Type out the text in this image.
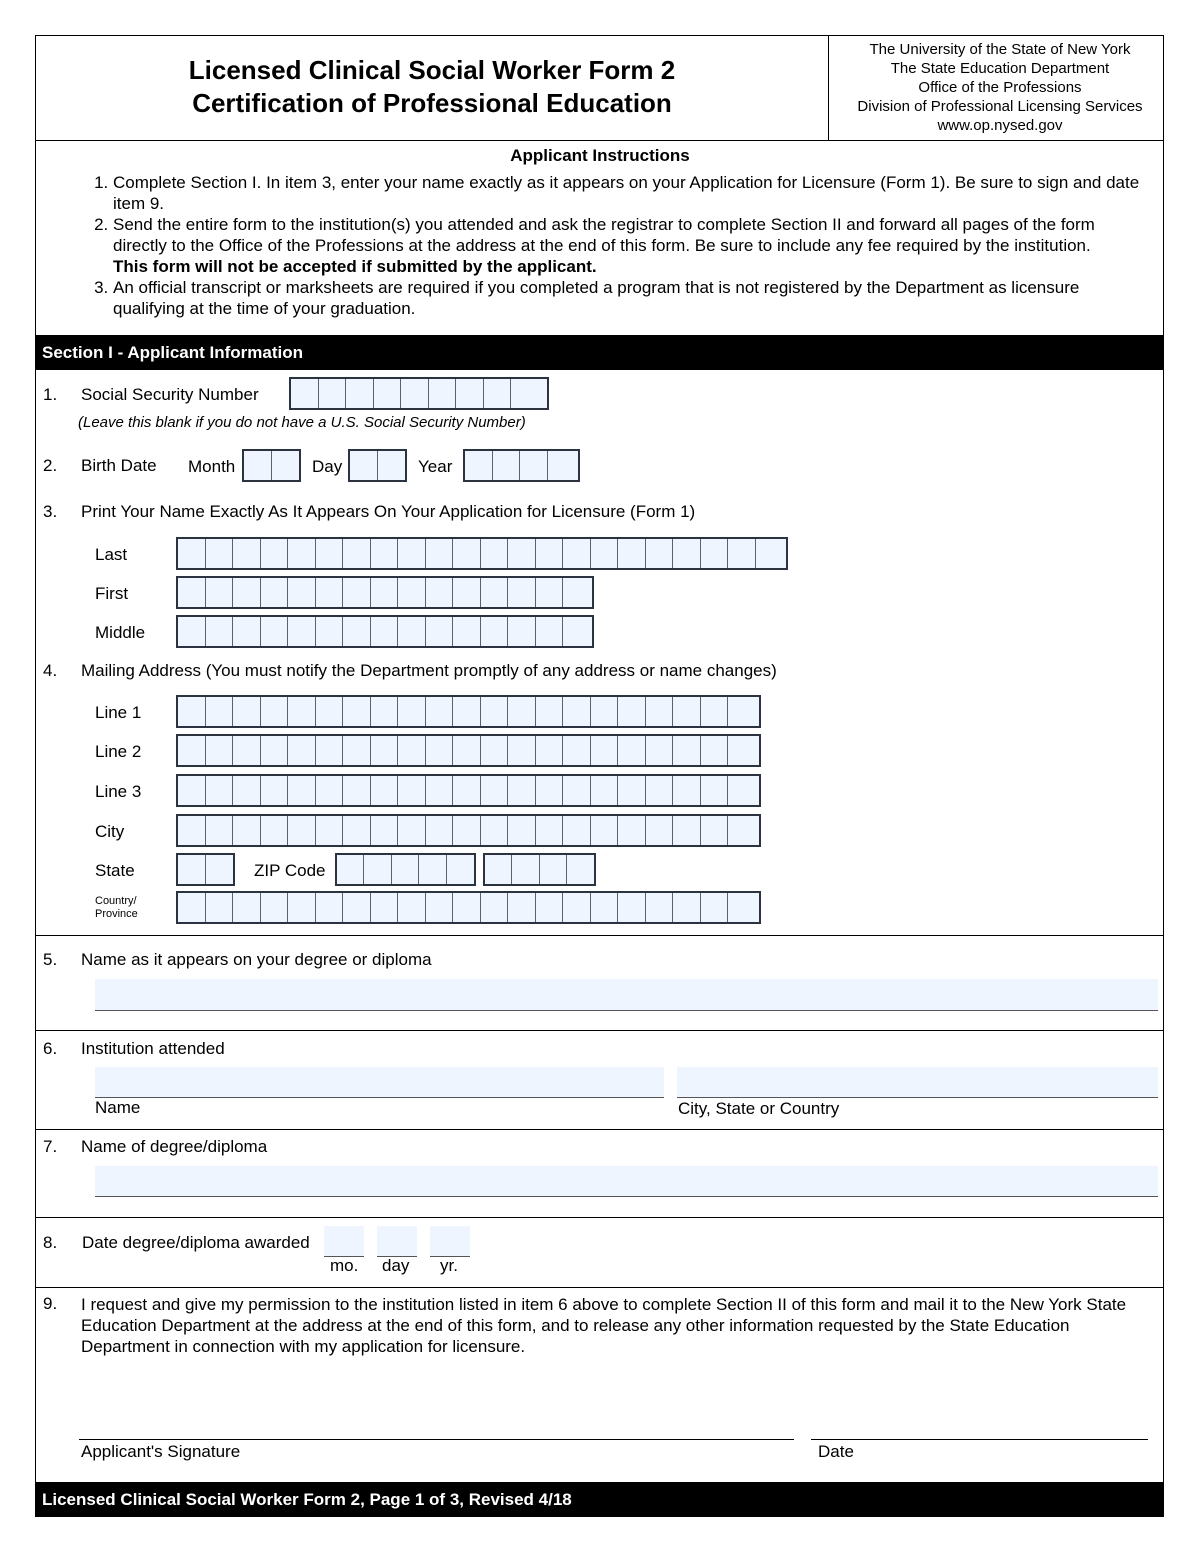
Licensed Clinical Social Worker Form 2
Certification of Professional Education
The University of the State of New York
The State Education Department
Office of the Professions
Division of Professional Licensing Services
www.op.nysed.gov
Applicant Instructions
1. Complete Section I. In item 3, enter your name exactly as it appears on your Application for Licensure (Form 1). Be sure to sign and date item 9.
2. Send the entire form to the institution(s) you attended and ask the registrar to complete Section II and forward all pages of the form directly to the Office of the Professions at the address at the end of this form. Be sure to include any fee required by the institution.
This form will not be accepted if submitted by the applicant.
3. An official transcript or marksheets are required if you completed a program that is not registered by the Department as licensure qualifying at the time of your graduation.
Section I - Applicant Information
1. Social Security Number
(Leave this blank if you do not have a U.S. Social Security Number)
2. Birth Date Month	Day	Year
3. Print Your Name Exactly As It Appears On Your Application for Licensure (Form 1)
Last
First
Middle
4. Mailing Address (You must notify the Department promptly of any address or name changes)
Line 1
Line 2
Line 3
City
State	ZIP Code
Country/
Province
5. Name as it appears on your degree or diploma
6. Institution attended
Name	City, State or Country
7. Name of degree/diploma
8. Date degree/diploma awarded
mo. day yr.
9. I request and give my permission to the institution listed in item 6 above to complete Section II of this form and mail it to the New York State Education Department at the address at the end of this form, and to release any other information requested by the State Education Department in connection with my application for licensure.
Applicant's Signature	Date
Licensed Clinical Social Worker Form 2, Page 1 of 3, Revised 4/18
